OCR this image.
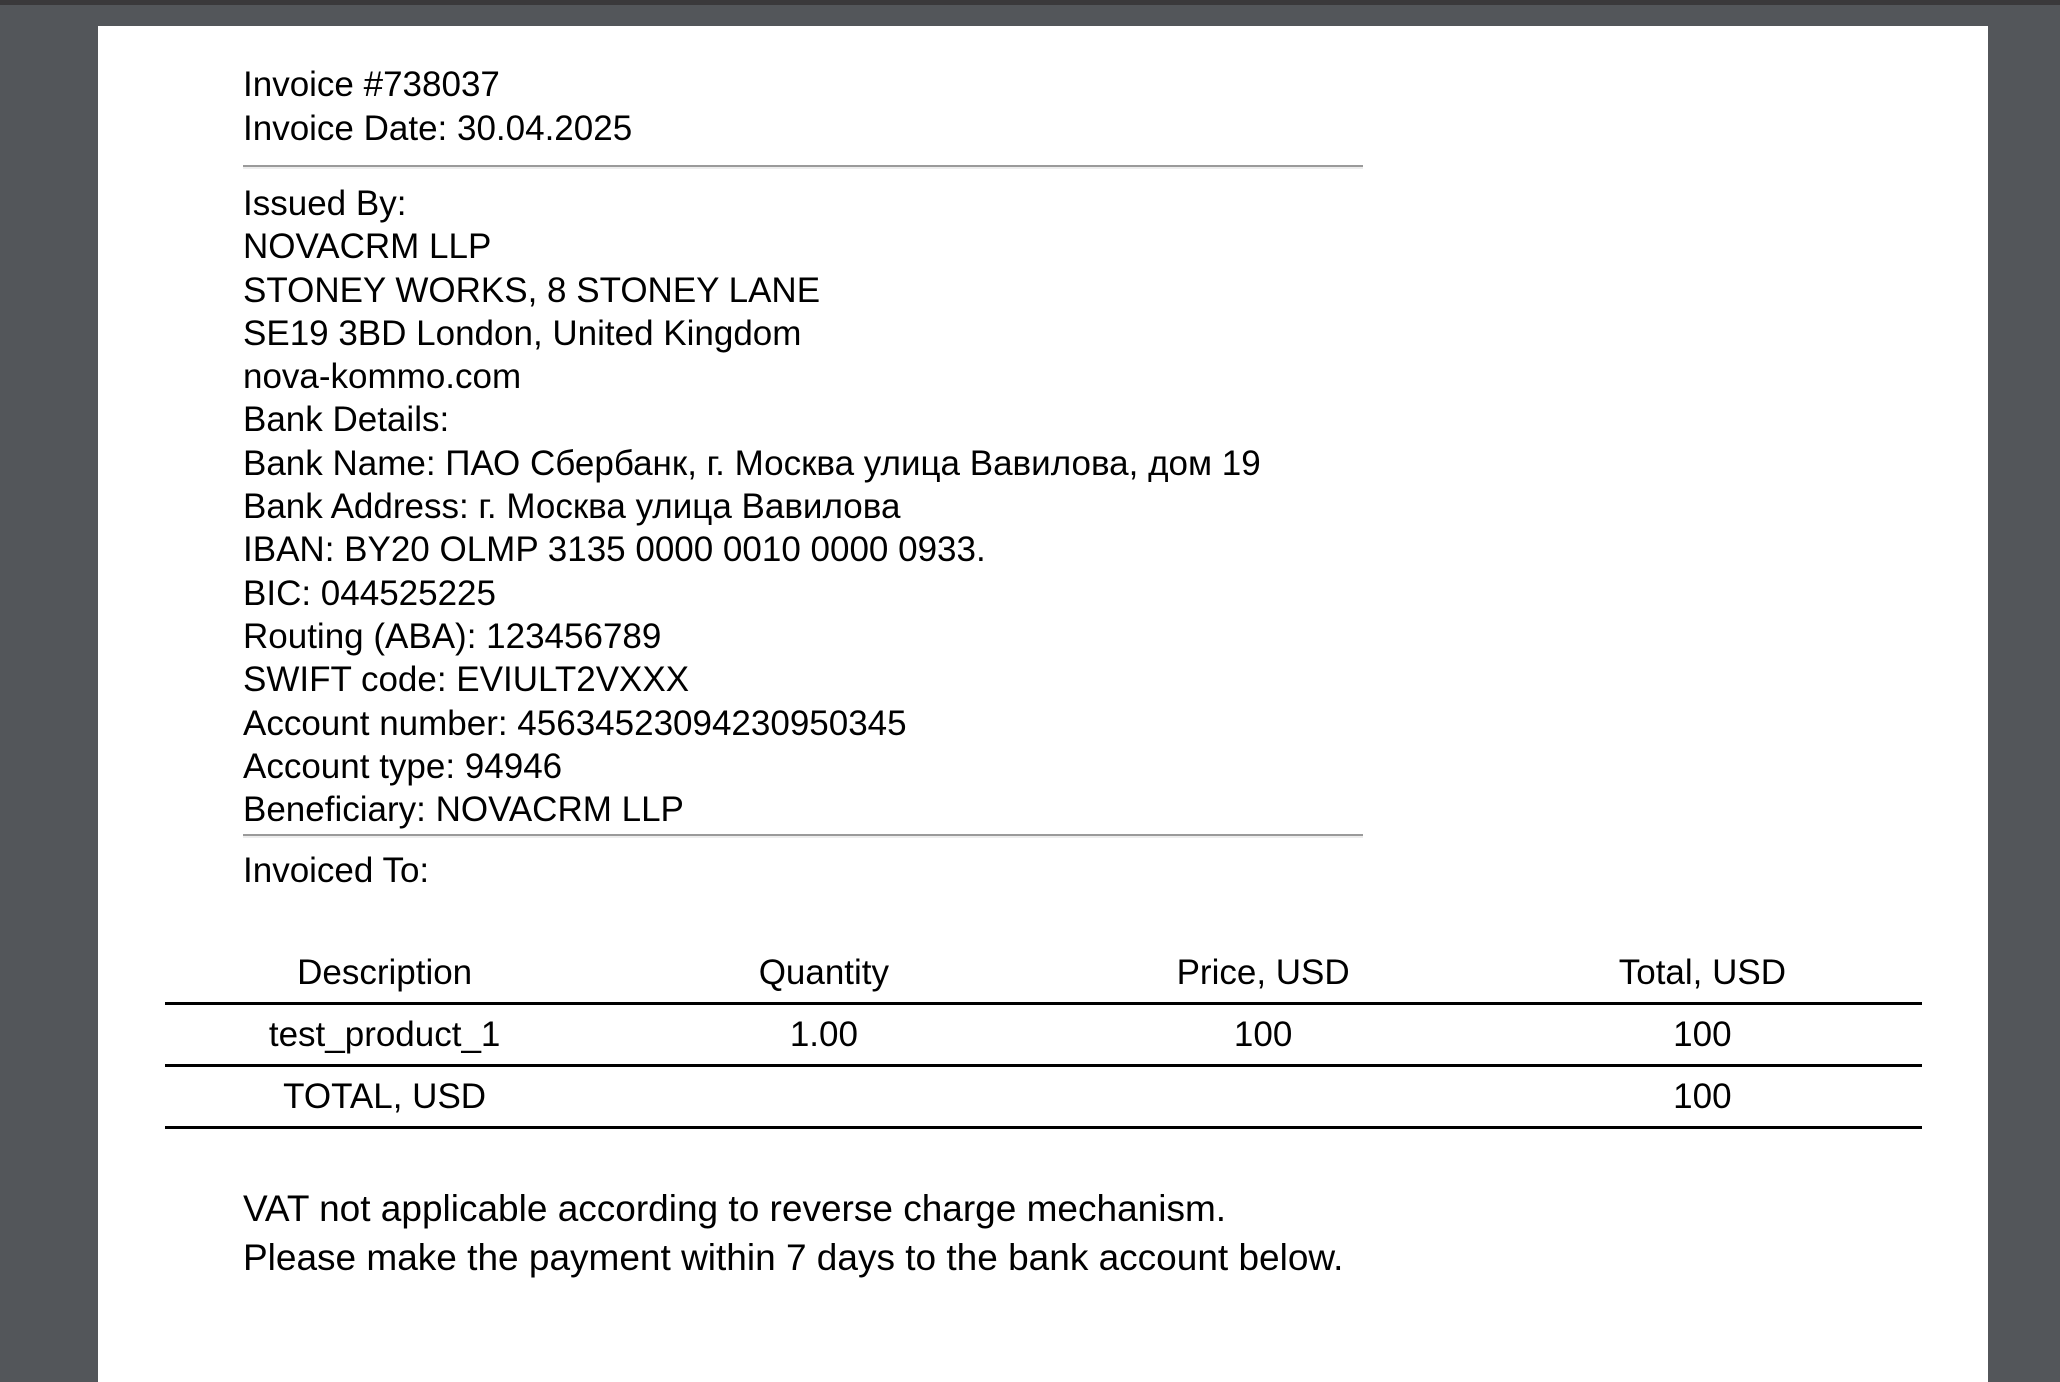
Invoice #738037
Invoice Date: 30.04.2025
Issued By:
NOVACRM LLP
STONEY WORKS, 8 STONEY LANE
SE19 3BD London, United Kingdom
nova-kommo.com
Bank Details:
Bank Name: ПАО Сбербанк, г. Москва улица Вавилова, дом 19
Bank Address: г. Москва улица Вавилова
IBAN: BY20 OLMP 3135 0000 0010 0000 0933.
BIC: 044525225
Routing (ABA): 123456789
SWIFT code: EVIULT2VXXX
Account number: 45634523094230950345
Account type: 94946
Beneficiary: NOVACRM LLP
Invoiced To:
Description	Quantity	Price, USD	Total, USD
test_product_1	1.00	100	100
TOTAL, USD			100
VAT not applicable according to reverse charge mechanism.
Please make the payment within 7 days to the bank account below.
